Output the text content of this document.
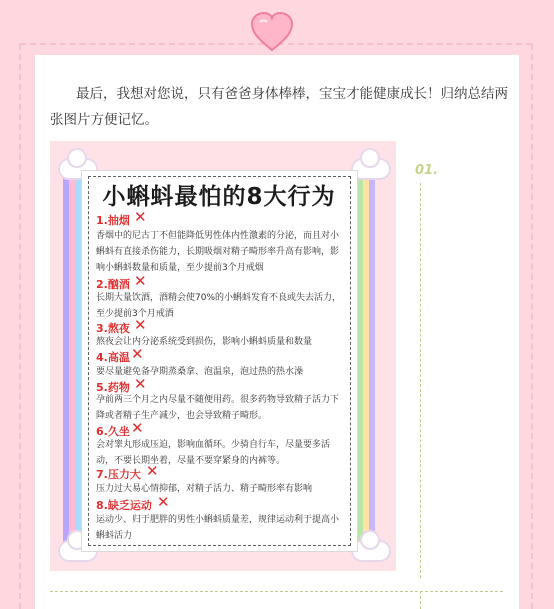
最后，我想对您说，只有爸爸身体棒棒，宝宝才能健康成长！归纳总结两张图片方便记忆。
小蝌蚪最怕的8大行为
1.抽烟 ✕
香烟中的尼古丁不但能降低男性体内性激素的分泌，而且对小蝌蚪有直接杀伤能力，长期吸烟对精子畸形率升高有影响，影响小蝌蚪数量和质量，至少提前3个月戒烟
2.酗酒 ✕
长期大量饮酒，酒精会使70%的小蝌蚪发育不良或失去活力，至少提前3个月戒酒
3.熬夜 ✕
熬夜会让内分泌系统受到损伤，影响小蝌蚪质量和数量
4.高温 ✕
要尽量避免备孕期蒸桑拿、泡温泉，泡过热的热水澡
5.药物 ✕
孕前两三个月之内尽量不随便用药。很多药物导致精子活力下降或者精子生产减少，也会导致精子畸形。
6.久坐 ✕
会对睾丸形成压迫，影响血循环。少骑自行车，尽量要多活动，不要长期坐着，尽量不要穿紧身的内裤等。
7.压力大 ✕
压力过大易心情抑郁，对精子活力、精子畸形率有影响
8.缺乏运动 ✕
运动少、归于肥胖的男性小蝌蚪质量差，规律运动利于提高小蝌蚪活力
01.
